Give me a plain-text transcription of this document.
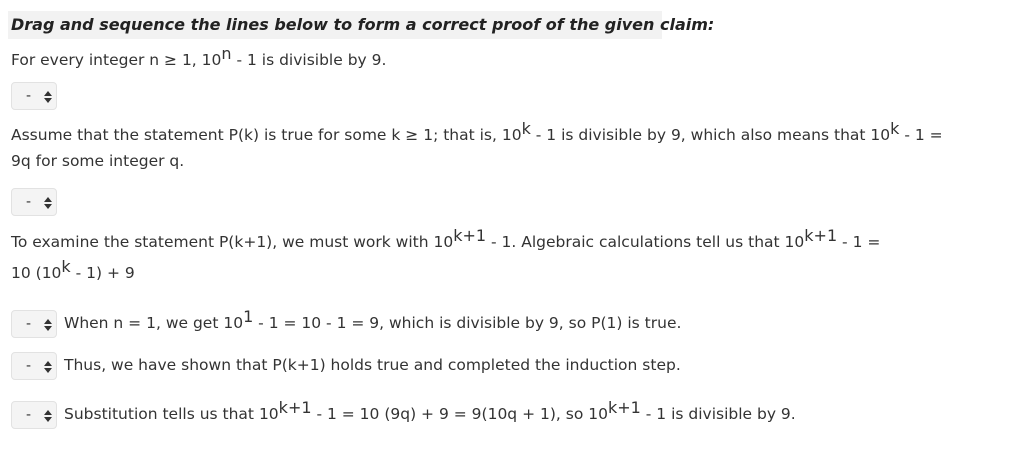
Drag and sequence the lines below to form a correct proof of the given claim:
For every integer n ≥ 1, 10$^n$ - 1 is divisible by 9.
-
Assume that the statement P(k) is true for some k ≥ 1; that is, 10$^k$ - 1 is divisible by 9, which also means that 10$^k$ - 1 =
9q for some integer q.
-
To examine the statement P(k+1), we must work with $10^{k+1} - 1$. Algebraic calculations tell us that $10^{k+1} - 1$ =
10 (10$^k$ - 1) + 9
- When n = 1, we get $10^1 - 1 = 10 - 1 = 9$, which is divisible by 9, so P(1) is true.
- Thus, we have shown that P(k+1) holds true and completed the induction step.
- Substitution tells us that $10^{k+1} - 1 = 10$ (9q) + 9 = 9(10q + 1), so $10^{k+1} - 1$ is divisible by 9.
